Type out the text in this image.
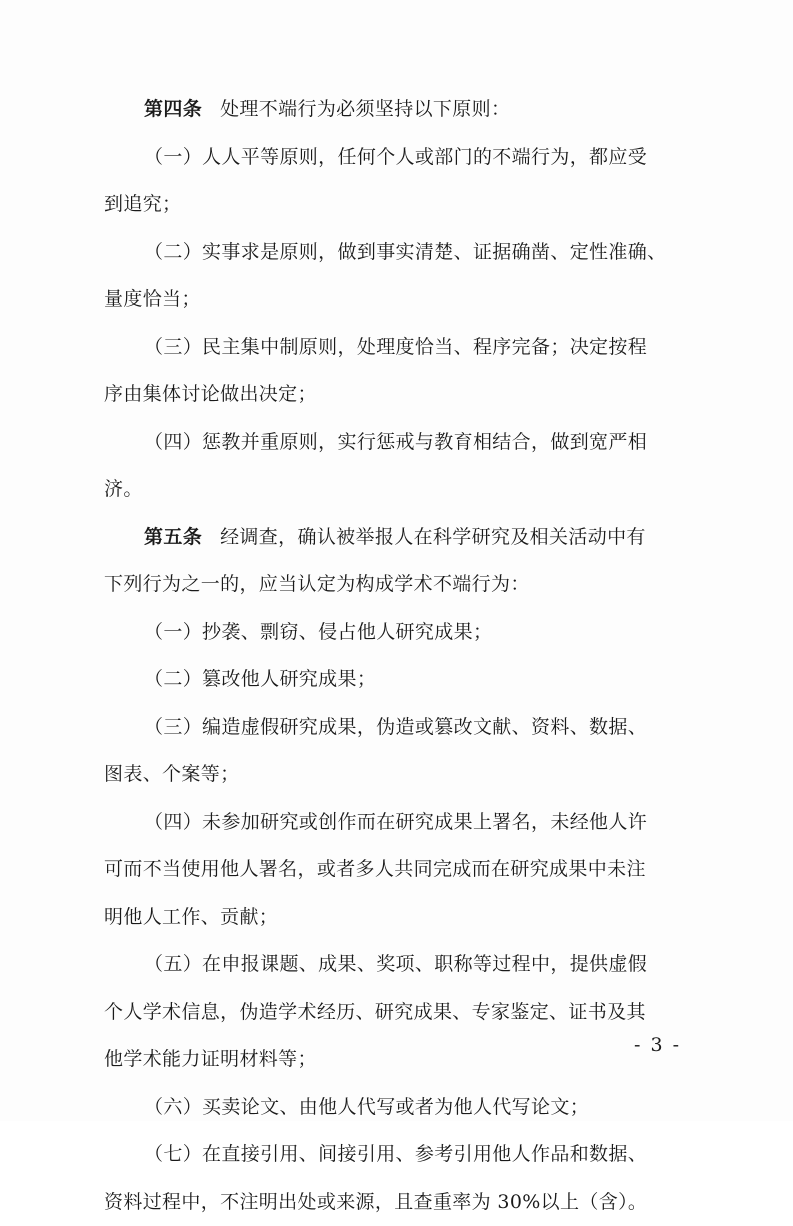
第四条 处理不端行为必须坚持以下原则：
（一）人人平等原则，任何个人或部门的不端行为，都应受
到追究；
（二）实事求是原则，做到事实清楚、证据确凿、定性准确、
量度恰当；
（三）民主集中制原则，处理度恰当、程序完备；决定按程
序由集体讨论做出决定；
（四）惩教并重原则，实行惩戒与教育相结合，做到宽严相
济。
第五条 经调查，确认被举报人在科学研究及相关活动中有
下列行为之一的，应当认定为构成学术不端行为：
（一）抄袭、剽窃、侵占他人研究成果；
（二）篡改他人研究成果；
（三）编造虚假研究成果，伪造或篡改文献、资料、数据、
图表、个案等；
（四）未参加研究或创作而在研究成果上署名，未经他人许
可而不当使用他人署名，或者多人共同完成而在研究成果中未注
明他人工作、贡献；
（五）在申报课题、成果、奖项、职称等过程中，提供虚假
个人学术信息，伪造学术经历、研究成果、专家鉴定、证书及其
他学术能力证明材料等；
（六）买卖论文、由他人代写或者为他人代写论文；
（七）在直接引用、间接引用、参考引用他人作品和数据、
资料过程中，不注明出处或来源，且查重率为 30%以上（含）。
- 3 -
